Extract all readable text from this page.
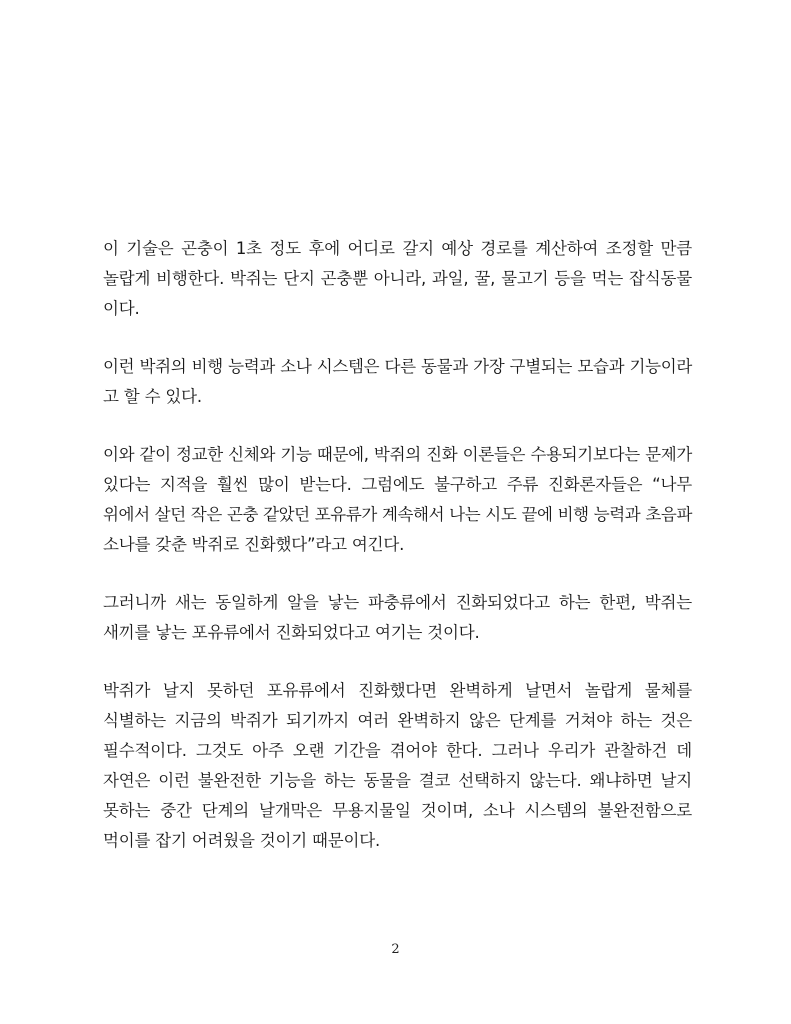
이 기술은 곤충이 1초 정도 후에 어디로 갈지 예상 경로를 계산하여 조정할 만큼
놀랍게 비행한다. 박쥐는 단지 곤충뿐 아니라, 과일, 꿀, 물고기 등을 먹는 잡식동물
이다.

이런 박쥐의 비행 능력과 소나 시스템은 다른 동물과 가장 구별되는 모습과 기능이라
고 할 수 있다.

이와 같이 정교한 신체와 기능 때문에, 박쥐의 진화 이론들은 수용되기보다는 문제가
있다는 지적을 훨씬 많이 받는다. 그럼에도 불구하고 주류 진화론자들은 “나무
위에서 살던 작은 곤충 같았던 포유류가 계속해서 나는 시도 끝에 비행 능력과 초음파
소나를 갖춘 박쥐로 진화했다”라고 여긴다.

그러니까 새는 동일하게 알을 낳는 파충류에서 진화되었다고 하는 한편, 박쥐는
새끼를 낳는 포유류에서 진화되었다고 여기는 것이다.

박쥐가 날지 못하던 포유류에서 진화했다면 완벽하게 날면서 놀랍게 물체를
식별하는 지금의 박쥐가 되기까지 여러 완벽하지 않은 단계를 거쳐야 하는 것은
필수적이다. 그것도 아주 오랜 기간을 겪어야 한다. 그러나 우리가 관찰하건 데
자연은 이런 불완전한 기능을 하는 동물을 결코 선택하지 않는다. 왜냐하면 날지
못하는 중간 단계의 날개막은 무용지물일 것이며, 소나 시스템의 불완전함으로
먹이를 잡기 어려웠을 것이기 때문이다.

2
